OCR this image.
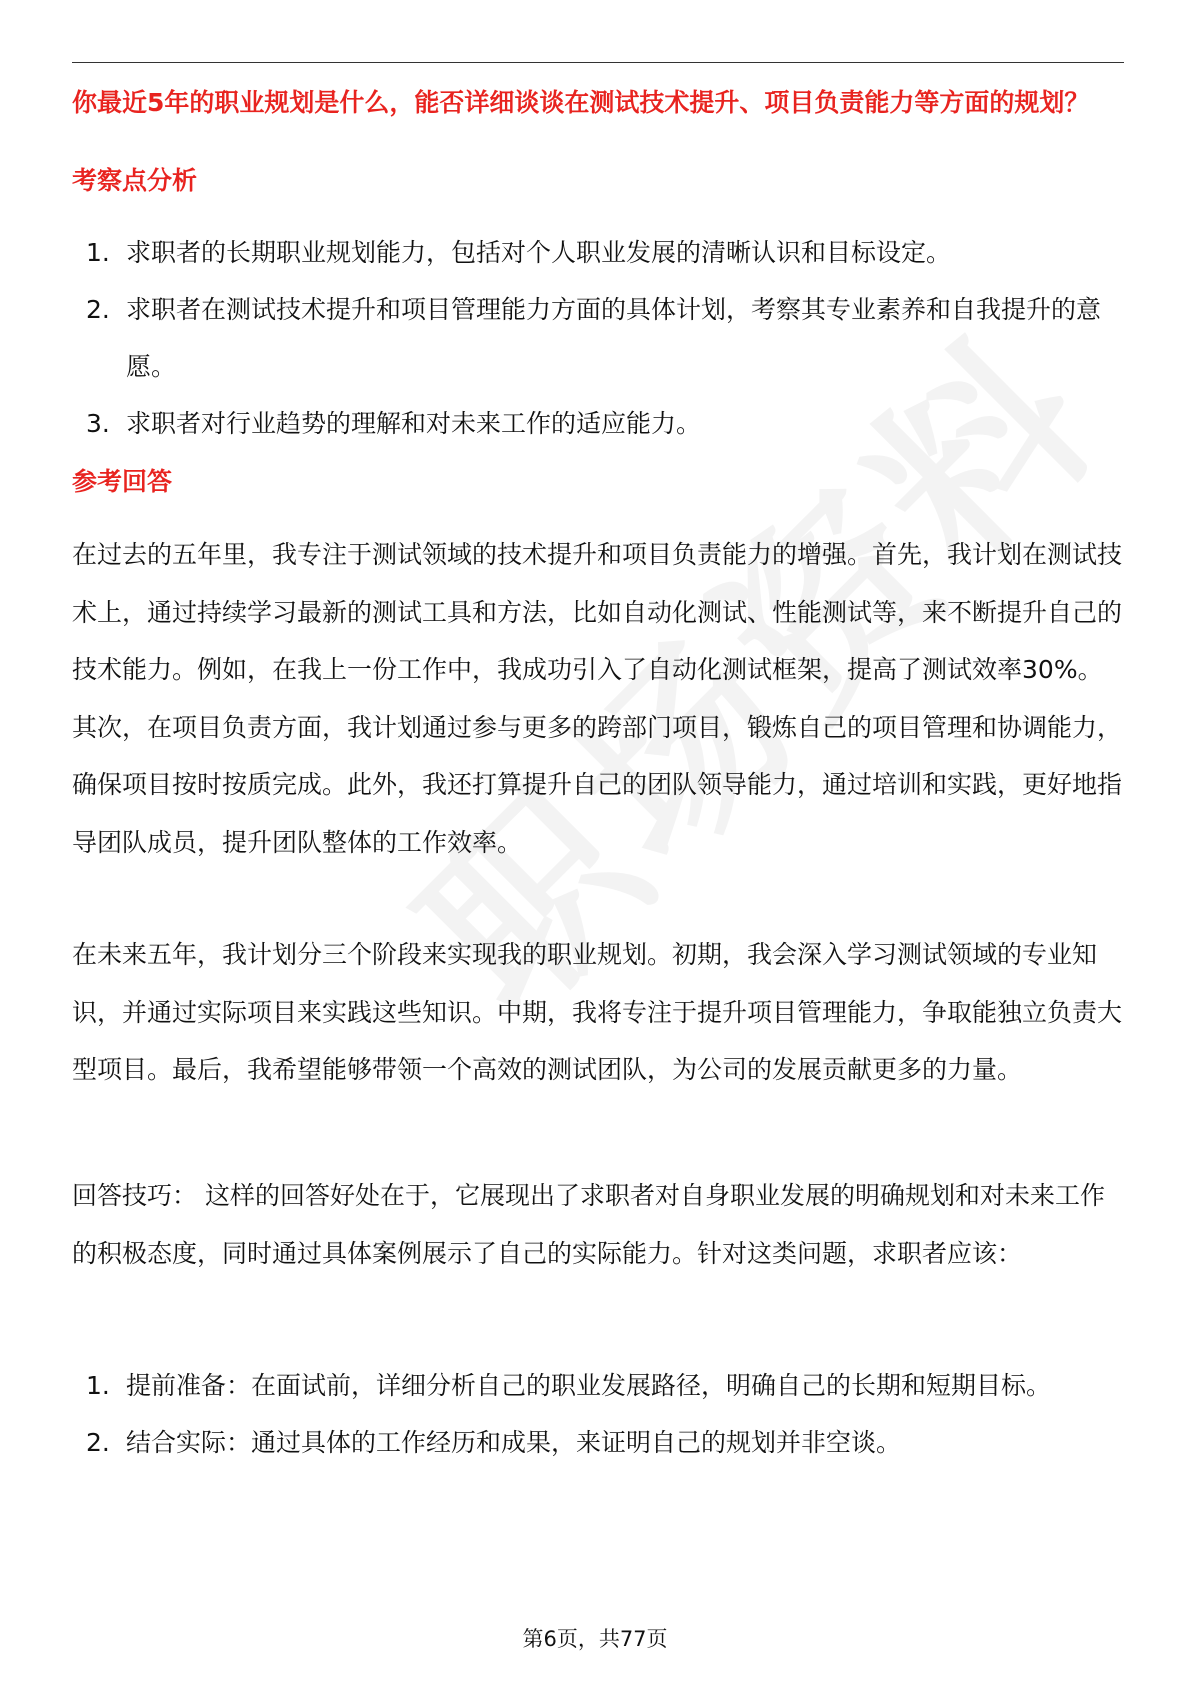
你最近5年的职业规划是什么，能否详细谈谈在测试技术提升、项目负责能力等方面的规划？
考察点分析
1. 求职者的长期职业规划能力，包括对个人职业发展的清晰认识和目标设定。
2. 求职者在测试技术提升和项目管理能力方面的具体计划，考察其专业素养和自我提升的意愿。
3. 求职者对行业趋势的理解和对未来工作的适应能力。
参考回答

在过去的五年里，我专注于测试领域的技术提升和项目负责能力的增强。首先，我计划在测试技术上，通过持续学习最新的测试工具和方法，比如自动化测试、性能测试等，来不断提升自己的技术能力。例如，在我上一份工作中，我成功引入了自动化测试框架，提高了测试效率30%。其次，在项目负责方面，我计划通过参与更多的跨部门项目，锻炼自己的项目管理和协调能力，确保项目按时按质完成。此外，我还打算提升自己的团队领导能力，通过培训和实践，更好地指导团队成员，提升团队整体的工作效率。

在未来五年，我计划分三个阶段来实现我的职业规划。初期，我会深入学习测试领域的专业知识，并通过实际项目来实践这些知识。中期，我将专注于提升项目管理能力，争取能独立负责大型项目。最后，我希望能够带领一个高效的测试团队，为公司的发展贡献更多的力量。

回答技巧： 这样的回答好处在于，它展现出了求职者对自身职业发展的明确规划和对未来工作的积极态度，同时通过具体案例展示了自己的实际能力。针对这类问题，求职者应该：

1. 提前准备：在面试前，详细分析自己的职业发展路径，明确自己的长期和短期目标。
2. 结合实际：通过具体的工作经历和成果，来证明自己的规划并非空谈。
第6页，共77页
